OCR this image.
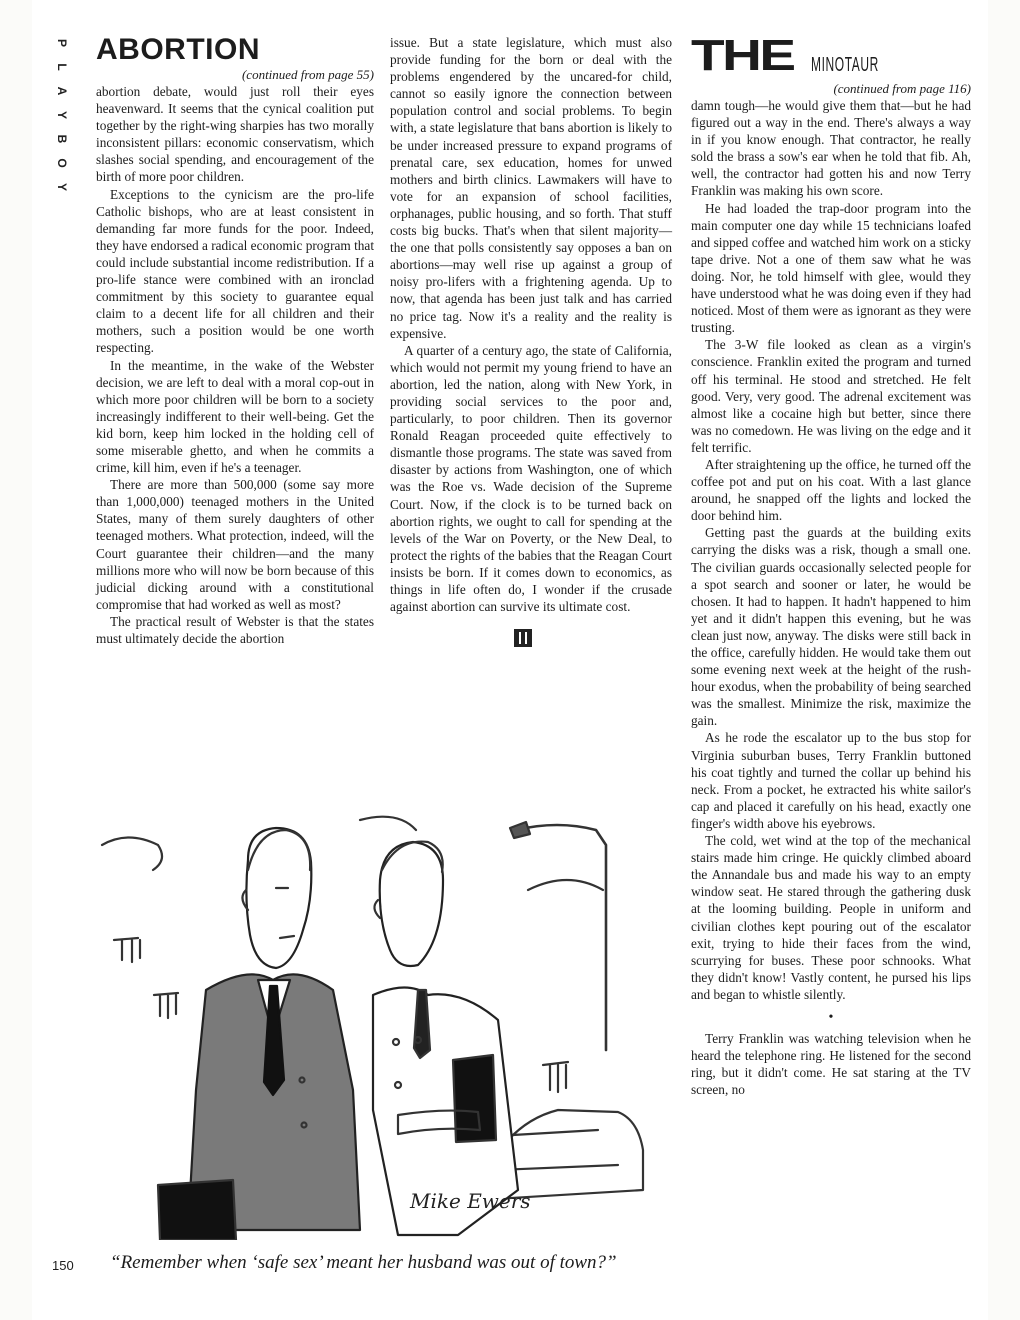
P
L
A
Y
B
O
Y
ABORTION

(continued from page 55)

abortion debate, would just roll their eyes heavenward. It seems that the cynical coalition put together by the right-wing sharpies has two morally inconsistent pillars: economic conservatism, which slashes social spending, and encouragement of the birth of more poor children.

Exceptions to the cynicism are the pro-life Catholic bishops, who are at least consistent in demanding far more funds for the poor. Indeed, they have endorsed a radical economic program that could include substantial income redistribution. If a pro-life stance were combined with an ironclad commitment by this society to guarantee equal claim to a decent life for all children and their mothers, such a position would be one worth respecting.

In the meantime, in the wake of the Webster decision, we are left to deal with a moral cop-out in which more poor children will be born to a society increasingly indifferent to their well-being. Get the kid born, keep him locked in the holding cell of some miserable ghetto, and when he commits a crime, kill him, even if he's a teenager.

There are more than 500,000 (some say more than 1,000,000) teenaged mothers in the United States, many of them surely daughters of other teenaged mothers. What protection, indeed, will the Court guarantee their children—and the many millions more who will now be born because of this judicial dicking around with a constitutional compromise that had worked as well as most?

The practical result of Webster is that the states must ultimately decide the abortion

issue. But a state legislature, which must also provide funding for the born or deal with the problems engendered by the uncared-for child, cannot so easily ignore the connection between population control and social problems. To begin with, a state legislature that bans abortion is likely to be under increased pressure to expand programs of prenatal care, sex education, homes for unwed mothers and birth clinics. Lawmakers will have to vote for an expansion of school facilities, orphanages, public housing, and so forth. That stuff costs big bucks. That's when that silent majority—the one that polls consistently say opposes a ban on abortions—may well rise up against a group of noisy pro-lifers with a frightening agenda. Up to now, that agenda has been just talk and has carried no price tag. Now it's a reality and the reality is expensive.

A quarter of a century ago, the state of California, which would not permit my young friend to have an abortion, led the nation, along with New York, in providing social services to the poor and, particularly, to poor children. Then its governor Ronald Reagan proceeded quite effectively to dismantle those programs. The state was saved from disaster by actions from Washington, one of which was the Roe vs. Wade decision of the Supreme Court. Now, if the clock is to be turned back on abortion rights, we ought to call for spending at the levels of the War on Poverty, or the New Deal, to protect the rights of the babies that the Reagan Court insists be born. If it comes down to economics, as things in life often do, I wonder if the crusade against abortion can survive its ultimate cost.

THE MINOTAUR

(continued from page 116)

damn tough—he would give them that—but he had figured out a way in the end. There's always a way in if you know enough. That contractor, he really sold the brass a sow's ear when he told that fib. Ah, well, the contractor had gotten his and now Terry Franklin was making his own score.

He had loaded the trap-door program into the main computer one day while 15 technicians loafed and sipped coffee and watched him work on a sticky tape drive. Not a one of them saw what he was doing. Nor, he told himself with glee, would they have understood what he was doing even if they had noticed. Most of them were as ignorant as they were trusting.

The 3-W file looked as clean as a virgin's conscience. Franklin exited the program and turned off his terminal. He stood and stretched. He felt good. Very, very good. The adrenal excitement was almost like a cocaine high but better, since there was no comedown. He was living on the edge and it felt terrific.

After straightening up the office, he turned off the coffee pot and put on his coat. With a last glance around, he snapped off the lights and locked the door behind him.

Getting past the guards at the building exits carrying the disks was a risk, though a small one. The civilian guards occasionally selected people for a spot search and sooner or later, he would be chosen. It had to happen. It hadn't happened to him yet and it didn't happen this evening, but he was clean just now, anyway. The disks were still back in the office, carefully hidden. He would take them out some evening next week at the height of the rush-hour exodus, when the probability of being searched was the smallest. Minimize the risk, maximize the gain.

As he rode the escalator up to the bus stop for Virginia suburban buses, Terry Franklin buttoned his coat tightly and turned the collar up behind his neck. From a pocket, he extracted his white sailor's cap and placed it carefully on his head, exactly one finger's width above his eyebrows.

The cold, wet wind at the top of the mechanical stairs made him cringe. He quickly climbed aboard the Annandale bus and made his way to an empty window seat. He stared through the gathering dusk at the looming building. People in uniform and civilian clothes kept pouring out of the escalator exit, trying to hide their faces from the wind, scurrying for buses. These poor schnooks. What they didn't know! Vastly content, he pursed his lips and began to whistle silently.

•

Terry Franklin was watching television when he heard the telephone ring. He listened for the second ring, but it didn't come. He sat staring at the TV screen, no

Mike Ewers
“Remember when ‘safe sex’ meant her husband was out of town?”
150
